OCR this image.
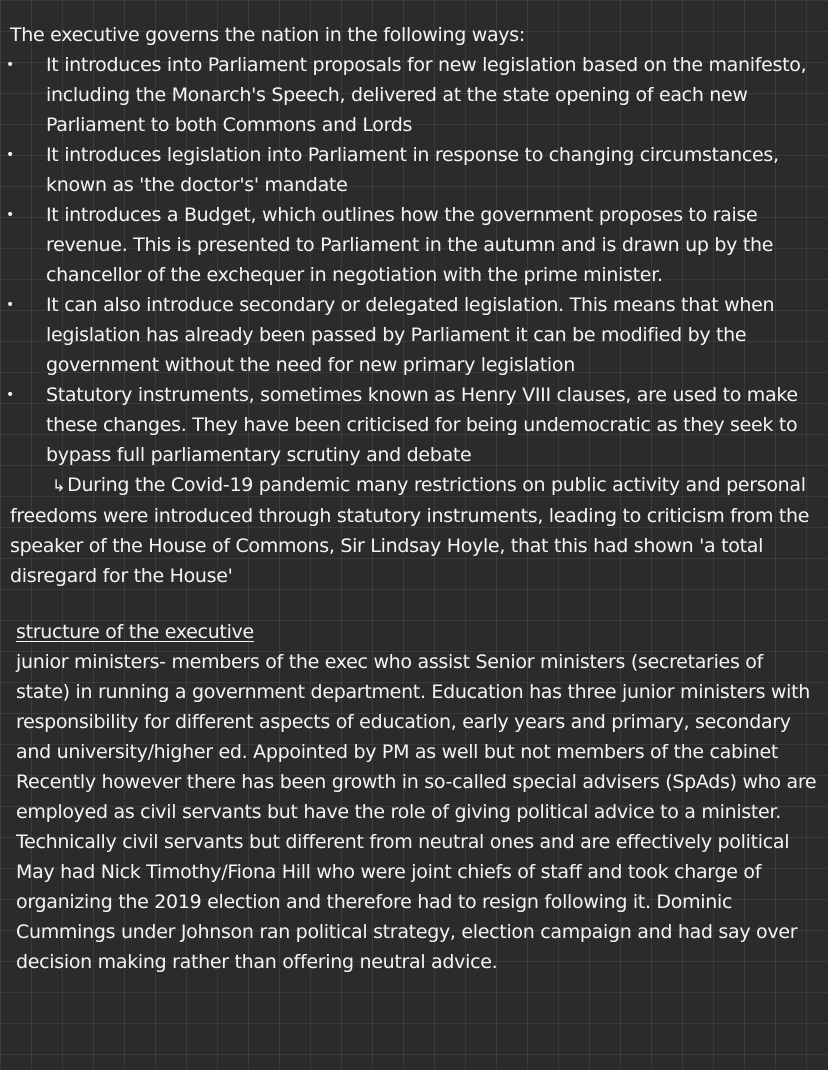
The executive governs the nation in the following ways:

• It introduces into Parliament proposals for new legislation based on the manifesto, including the Monarch's Speech, delivered at the state opening of each new Parliament to both Commons and Lords
• It introduces legislation into Parliament in response to changing circumstances, known as 'the doctor's' mandate
• It introduces a Budget, which outlines how the government proposes to raise revenue. This is presented to Parliament in the autumn and is drawn up by the chancellor of the exchequer in negotiation with the prime minister.
• It can also introduce secondary or delegated legislation. This means that when legislation has already been passed by Parliament it can be modified by the government without the need for new primary legislation
• Statutory instruments, sometimes known as Henry VIII clauses, are used to make these changes. They have been criticised for being undemocratic as they seek to bypass full parliamentary scrutiny and debate

↳ During the Covid-19 pandemic many restrictions on public activity and personal freedoms were introduced through statutory instruments, leading to criticism from the speaker of the House of Commons, Sir Lindsay Hoyle, that this had shown 'a total disregard for the House'

structure of the executive

junior ministers- members of the exec who assist Senior ministers (secretaries of state) in running a government department. Education has three junior ministers with responsibility for different aspects of education, early years and primary, secondary and university/higher ed. Appointed by PM as well but not members of the cabinet Recently however there has been growth in so-called special advisers (SpAds) who are employed as civil servants but have the role of giving political advice to a minister. Technically civil servants but different from neutral ones and are effectively political May had Nick Timothy/Fiona Hill who were joint chiefs of staff and took charge of organizing the 2019 election and therefore had to resign following it. Dominic Cummings under Johnson ran political strategy, election campaign and had say over decision making rather than offering neutral advice.
